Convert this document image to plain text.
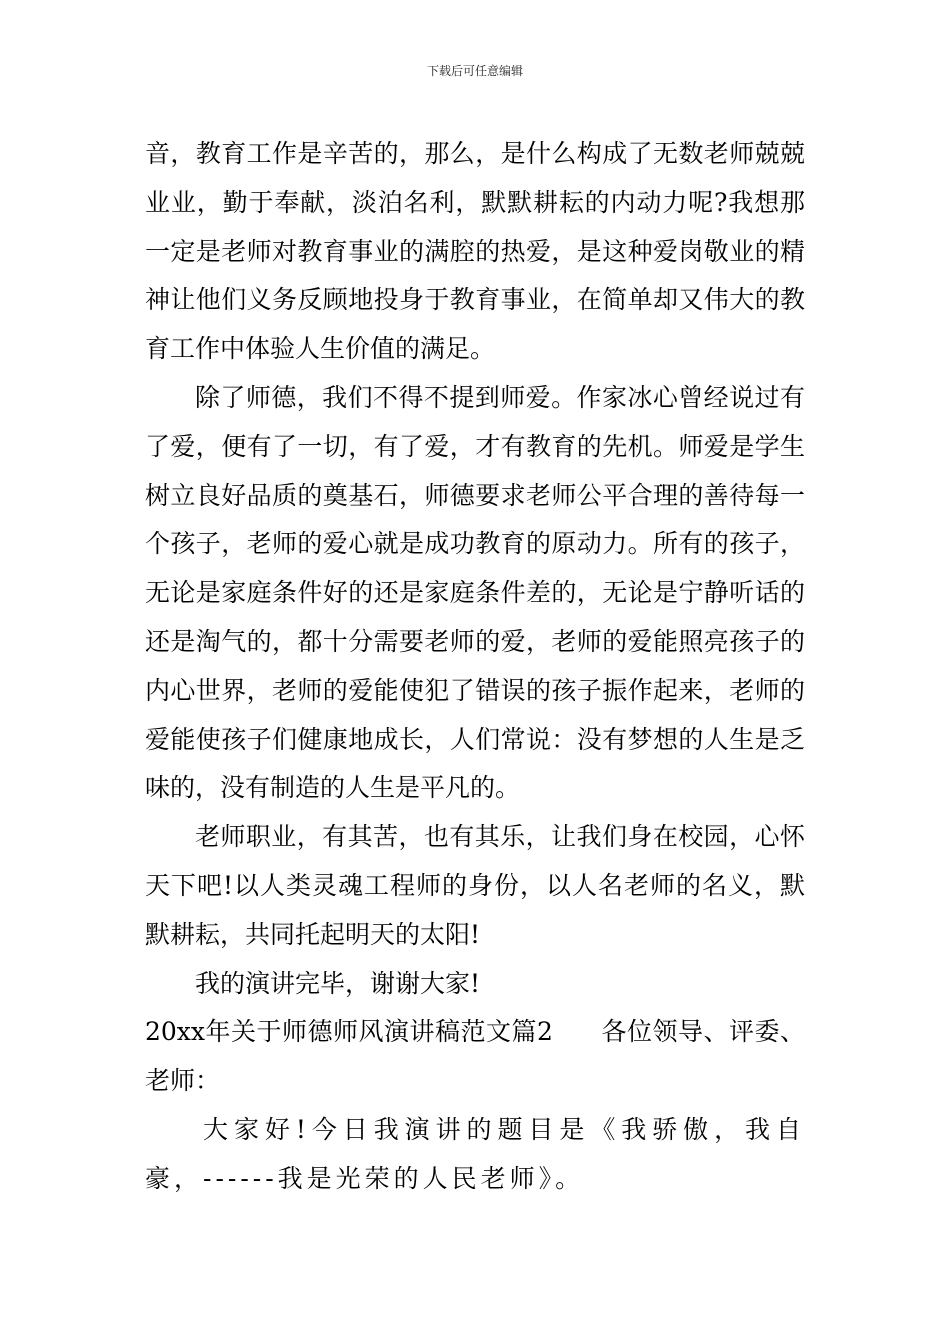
下载后可任意编辑

音，教育工作是辛苦的，那么，是什么构成了无数老师兢兢业业，勤于奉献，淡泊名利，默默耕耘的内动力呢?我想那一定是老师对教育事业的满腔的热爱，是这种爱岗敬业的精神让他们义务反顾地投身于教育事业，在简单却又伟大的教育工作中体验人生价值的满足。

除了师德，我们不得不提到师爱。作家冰心曾经说过有了爱，便有了一切，有了爱，才有教育的先机。师爱是学生树立良好品质的奠基石，师德要求老师公平合理的善待每一个孩子，老师的爱心就是成功教育的原动力。所有的孩子，无论是家庭条件好的还是家庭条件差的，无论是宁静听话的还是淘气的，都十分需要老师的爱，老师的爱能照亮孩子的内心世界，老师的爱能使犯了错误的孩子振作起来，老师的爱能使孩子们健康地成长，人们常说：没有梦想的人生是乏味的，没有制造的人生是平凡的。

老师职业，有其苦，也有其乐，让我们身在校园，心怀天下吧!以人类灵魂工程师的身份，以人名老师的名义，默默耕耘，共同托起明天的太阳!

我的演讲完毕，谢谢大家!

20xx年关于师德师风演讲稿范文篇2 各位领导、评委、老师：

大家好!今日我演讲的题目是《我骄傲，我自豪，------我是光荣的人民老师》。
